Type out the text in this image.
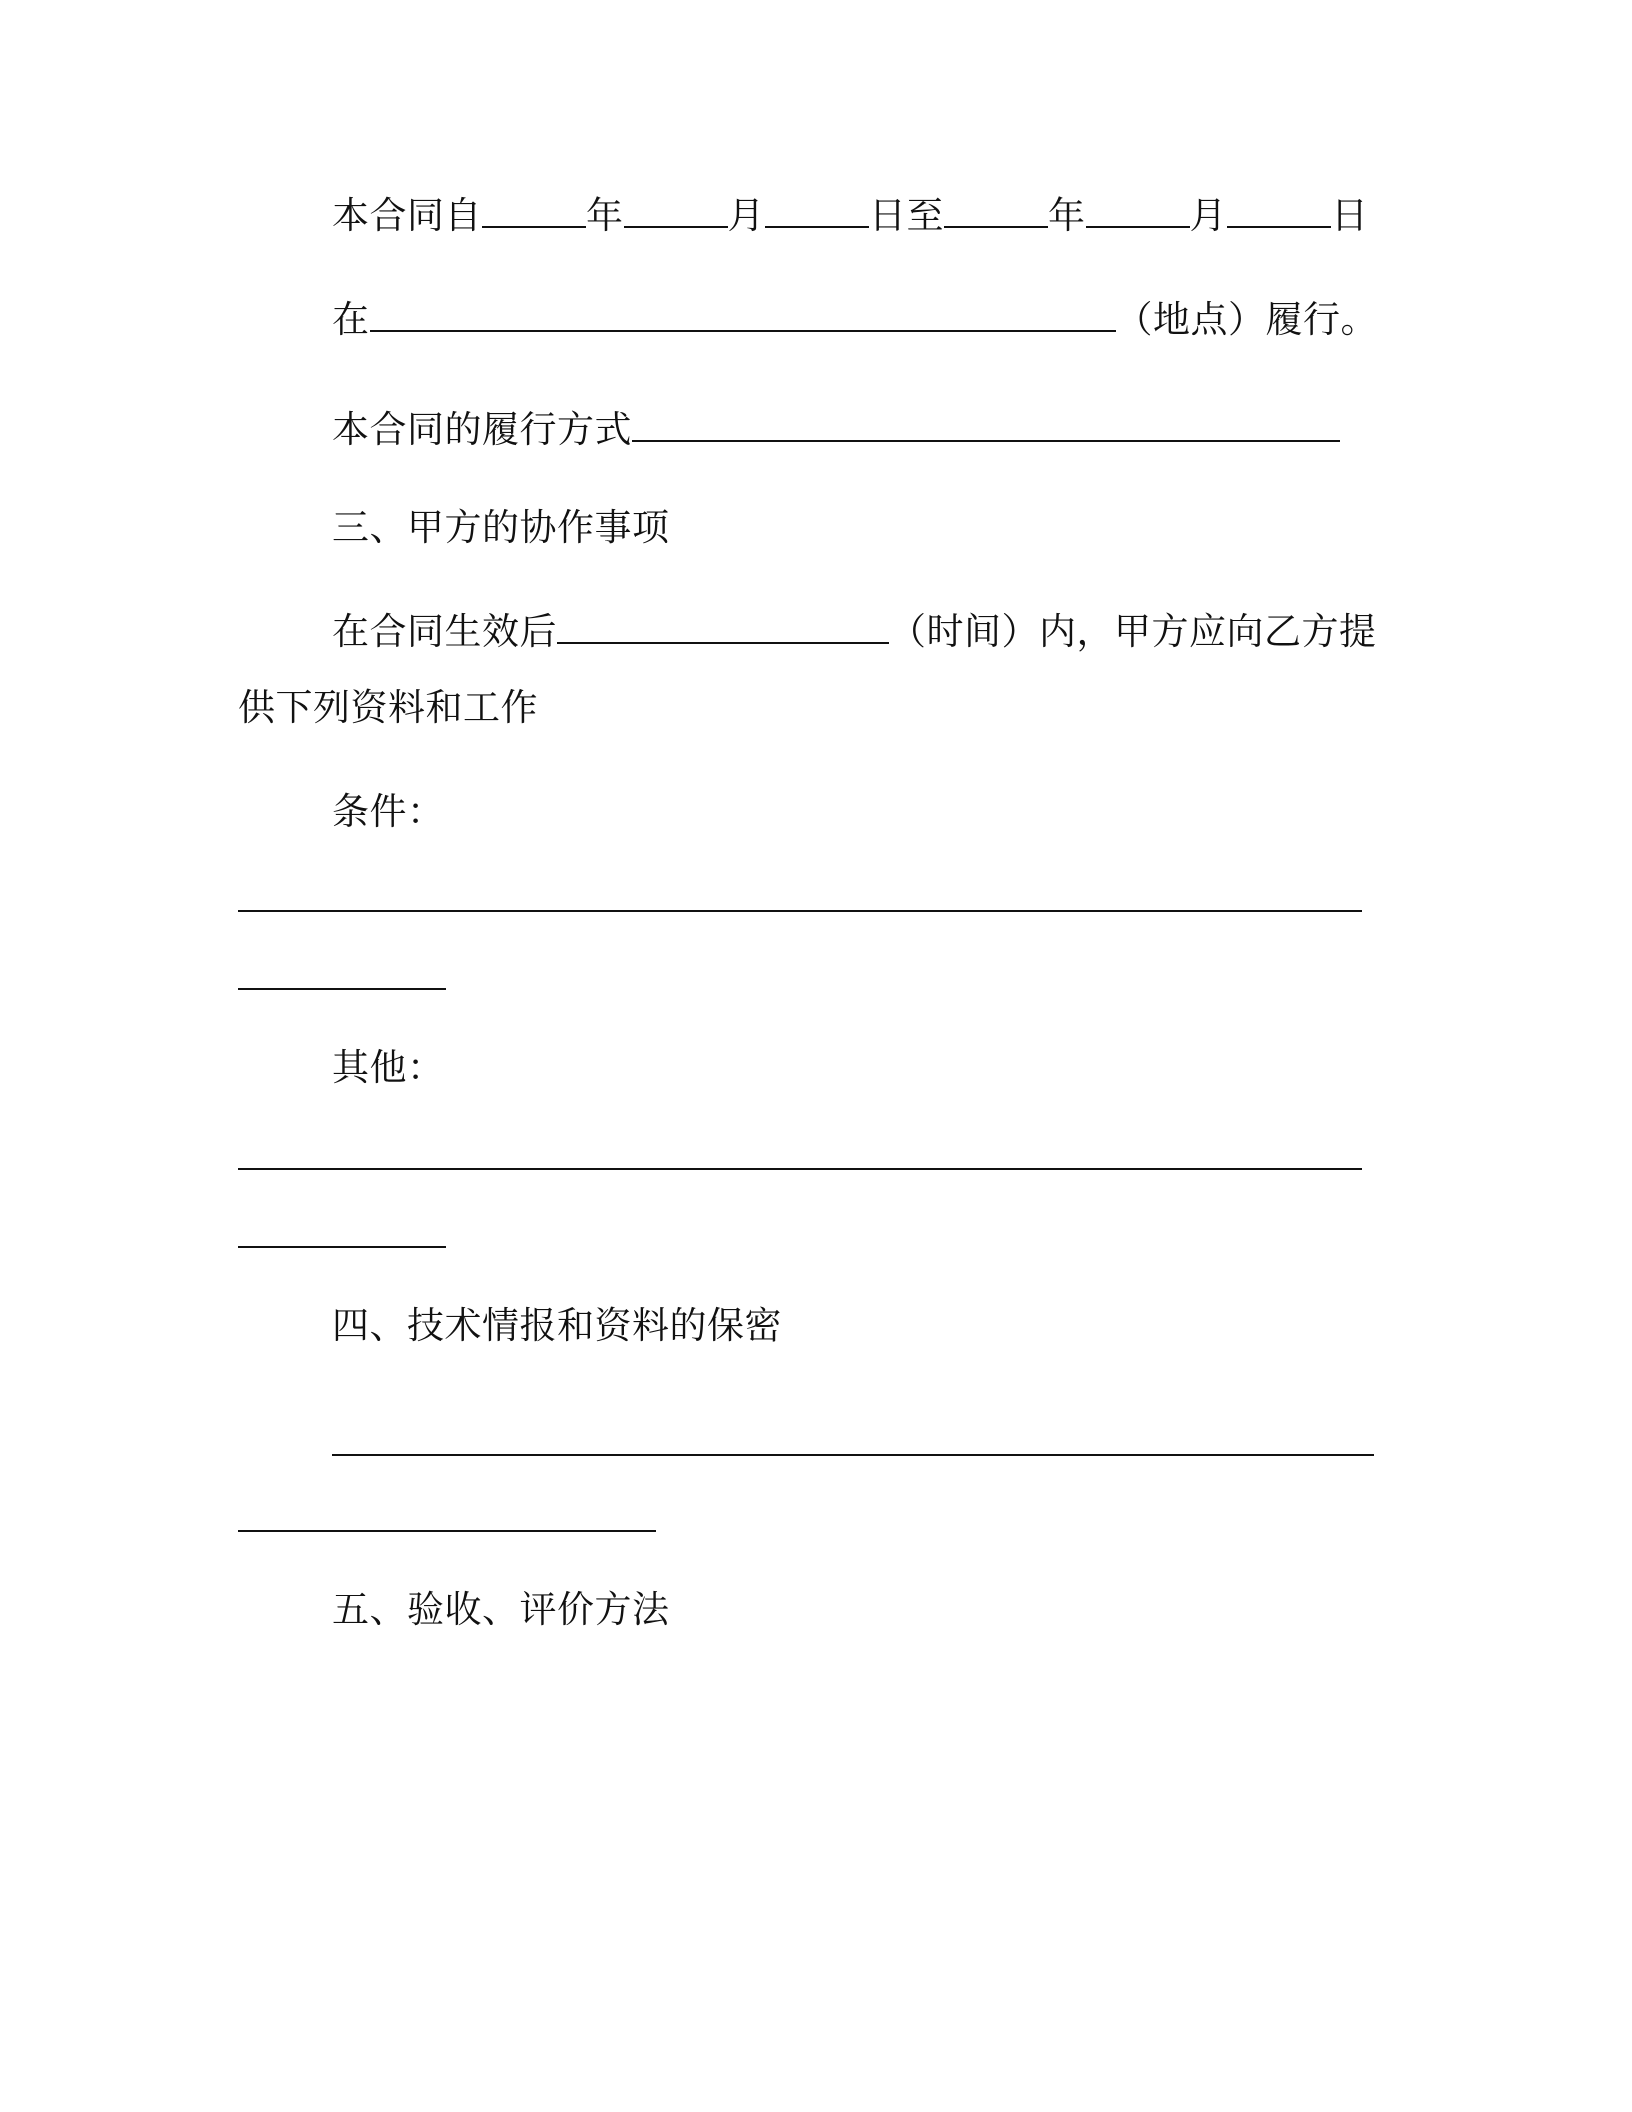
本合同自	年	月	日至	年	月	日
在	（地点）履行。
本合同的履行方式
三、甲方的协作事项
在合同生效后	（时间）内，甲方应向乙方提
供下列资料和工作
条件：
其他：
四、技术情报和资料的保密
五、验收、评价方法
